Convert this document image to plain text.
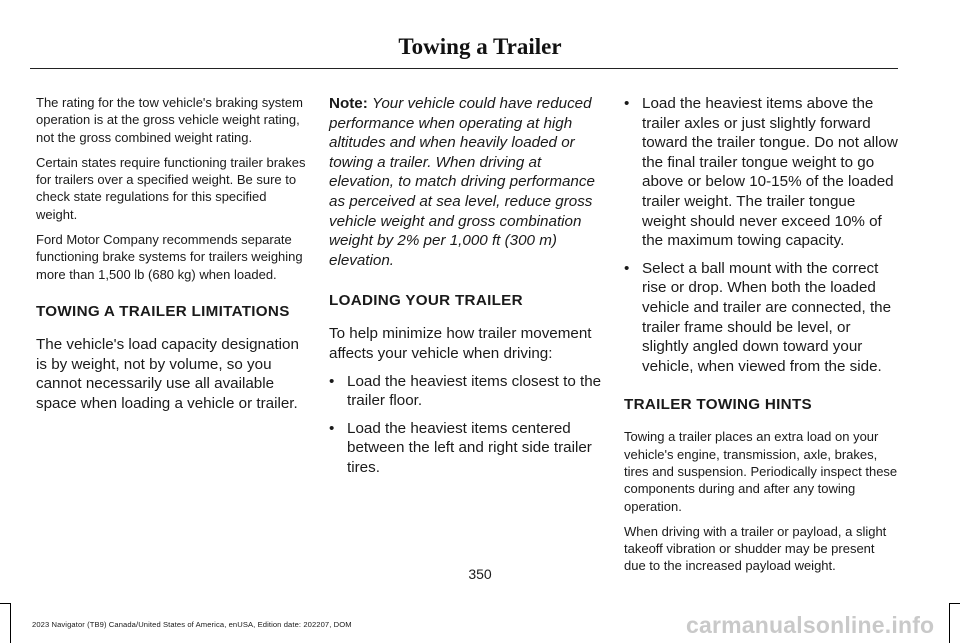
Towing a Trailer

The rating for the tow vehicle's braking system operation is at the gross vehicle weight rating, not the gross combined weight rating.

Certain states require functioning trailer brakes for trailers over a specified weight. Be sure to check state regulations for this specified weight.

Ford Motor Company recommends separate functioning brake systems for trailers weighing more than 1,500 lb (680 kg) when loaded.

TOWING A TRAILER LIMITATIONS

The vehicle's load capacity designation is by weight, not by volume, so you cannot necessarily use all available space when loading a vehicle or trailer.

Note: Your vehicle could have reduced performance when operating at high altitudes and when heavily loaded or towing a trailer. When driving at elevation, to match driving performance as perceived at sea level, reduce gross vehicle weight and gross combination weight by 2% per 1,000 ft (300 m) elevation.

LOADING YOUR TRAILER

To help minimize how trailer movement affects your vehicle when driving:

• Load the heaviest items closest to the trailer floor.
• Load the heaviest items centered between the left and right side trailer tires.
• Load the heaviest items above the trailer axles or just slightly forward toward the trailer tongue. Do not allow the final trailer tongue weight to go above or below 10-15% of the loaded trailer weight. The trailer tongue weight should never exceed 10% of the maximum towing capacity.
• Select a ball mount with the correct rise or drop. When both the loaded vehicle and trailer are connected, the trailer frame should be level, or slightly angled down toward your vehicle, when viewed from the side.
TRAILER TOWING HINTS

Towing a trailer places an extra load on your vehicle's engine, transmission, axle, brakes, tires and suspension. Periodically inspect these components during and after any towing operation.

When driving with a trailer or payload, a slight takeoff vibration or shudder may be present due to the increased payload weight.

350
2023 Navigator (TB9) Canada/United States of America, enUSA, Edition date: 202207, DOM	carmanualsonline.info
